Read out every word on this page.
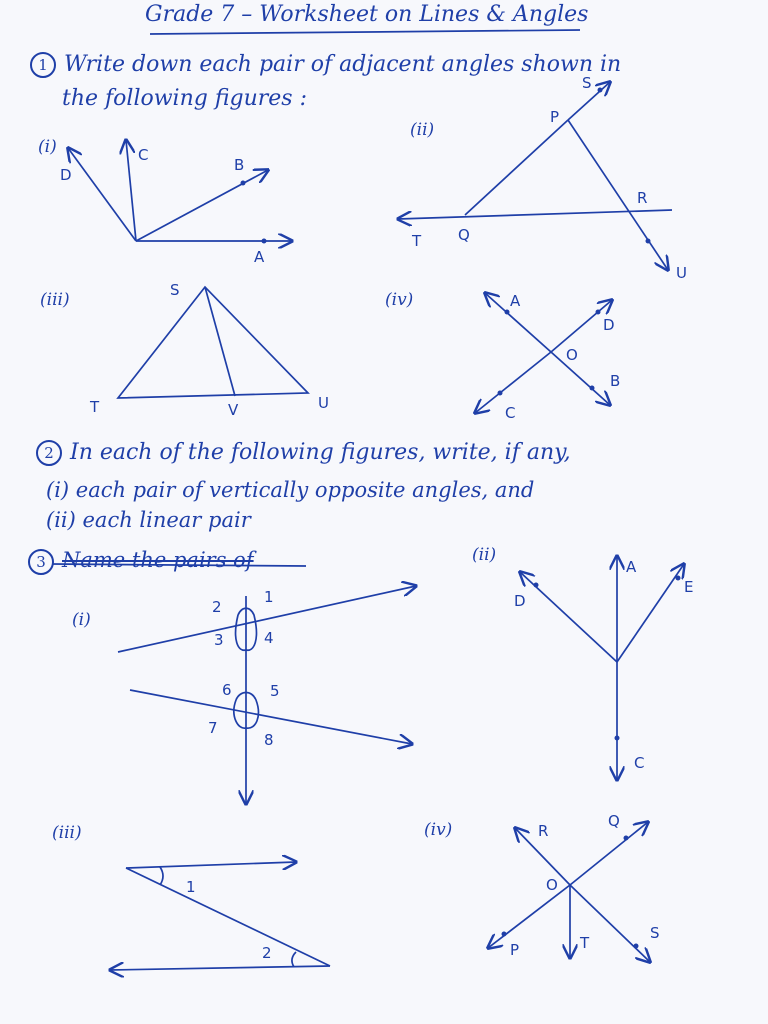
Grade 7 – Worksheet on Lines & Angles
(i)
D
C
B
A
(ii)
S
P
R
T Q
U
(iii)	S
T	V	U
(iv)	A
D
O
B
C
(i)
2
1
3	4
6	5
7
8
(ii)
A
D
E
C
(iii)
1
2
(iv)	R
Q
O
P	T
S
1 Write down each pair of adjacent angles shown in
the following figures :
2 In each of the following figures, write, if any,
(i) each pair of vertically opposite angles, and
(ii) each linear pair
3 Name the pairs of
